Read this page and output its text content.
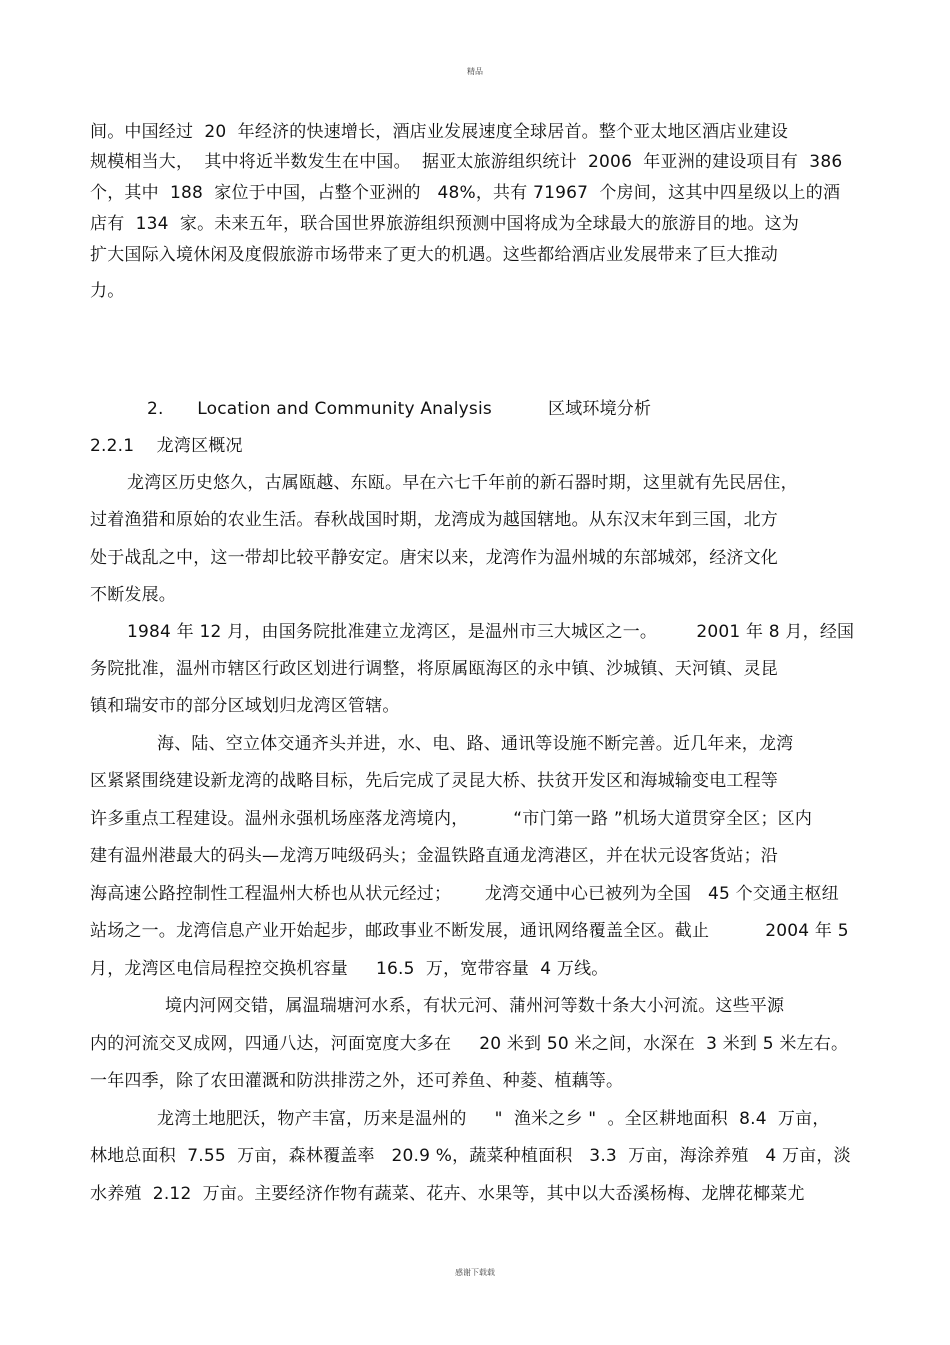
精品
间。中国经过  20  年经济的快速增长，酒店业发展速度全球居首。整个亚太地区酒店业建设
规模相当大，  其中将近半数发生在中国。  据亚太旅游组织统计  2006  年亚洲的建设项目有  386
个，其中  188  家位于中国，占整个亚洲的   48%，共有 71967  个房间，这其中四星级以上的酒
店有  134  家。未来五年，联合国世界旅游组织预测中国将成为全球最大的旅游目的地。这为
扩大国际入境休闲及度假旅游市场带来了更大的机遇。这些都给酒店业发展带来了巨大推动
力。
2.      Location and Community Analysis          区域环境分析
2.2.1    龙湾区概况
龙湾区历史悠久，古属瓯越、东瓯。早在六七千年前的新石器时期，这里就有先民居住，
过着渔猎和原始的农业生活。春秋战国时期，龙湾成为越国辖地。从东汉末年到三国，北方
处于战乱之中，这一带却比较平静安定。唐宋以来，龙湾作为温州城的东部城郊，经济文化
不断发展。
1984 年 12 月，由国务院批准建立龙湾区，是温州市三大城区之一。       2001 年 8 月，经国
务院批准，温州市辖区行政区划进行调整，将原属瓯海区的永中镇、沙城镇、天河镇、灵昆
镇和瑞安市的部分区域划归龙湾区管辖。
海、陆、空立体交通齐头并进，水、电、路、通讯等设施不断完善。近几年来，龙湾
区紧紧围绕建设新龙湾的战略目标，先后完成了灵昆大桥、扶贫开发区和海城输变电工程等
许多重点工程建设。温州永强机场座落龙湾境内，        “市门第一路 ”机场大道贯穿全区；区内
建有温州港最大的码头—龙湾万吨级码头；金温铁路直通龙湾港区，并在状元设客货站；沿
海高速公路控制性工程温州大桥也从状元经过；      龙湾交通中心已被列为全国   45 个交通主枢纽
站场之一。龙湾信息产业开始起步，邮政事业不断发展，通讯网络覆盖全区。截止          2004 年 5
月，龙湾区电信局程控交换机容量     16.5  万，宽带容量  4 万线。
境内河网交错，属温瑞塘河水系，有状元河、蒲州河等数十条大小河流。这些平源
内的河流交叉成网，四通八达，河面宽度大多在     20 米到 50 米之间，水深在  3 米到 5 米左右。
一年四季，除了农田灌溉和防洪排涝之外，还可养鱼、种菱、植藕等。
龙湾土地肥沃，物产丰富，历来是温州的     "  渔米之乡 "  。全区耕地面积  8.4  万亩，
林地总面积  7.55  万亩，森林覆盖率   20.9 %，蔬菜种植面积   3.3  万亩，海涂养殖   4 万亩，淡
水养殖  2.12  万亩。主要经济作物有蔬菜、花卉、水果等，其中以大岙溪杨梅、龙牌花椰菜尤
感谢下载载
